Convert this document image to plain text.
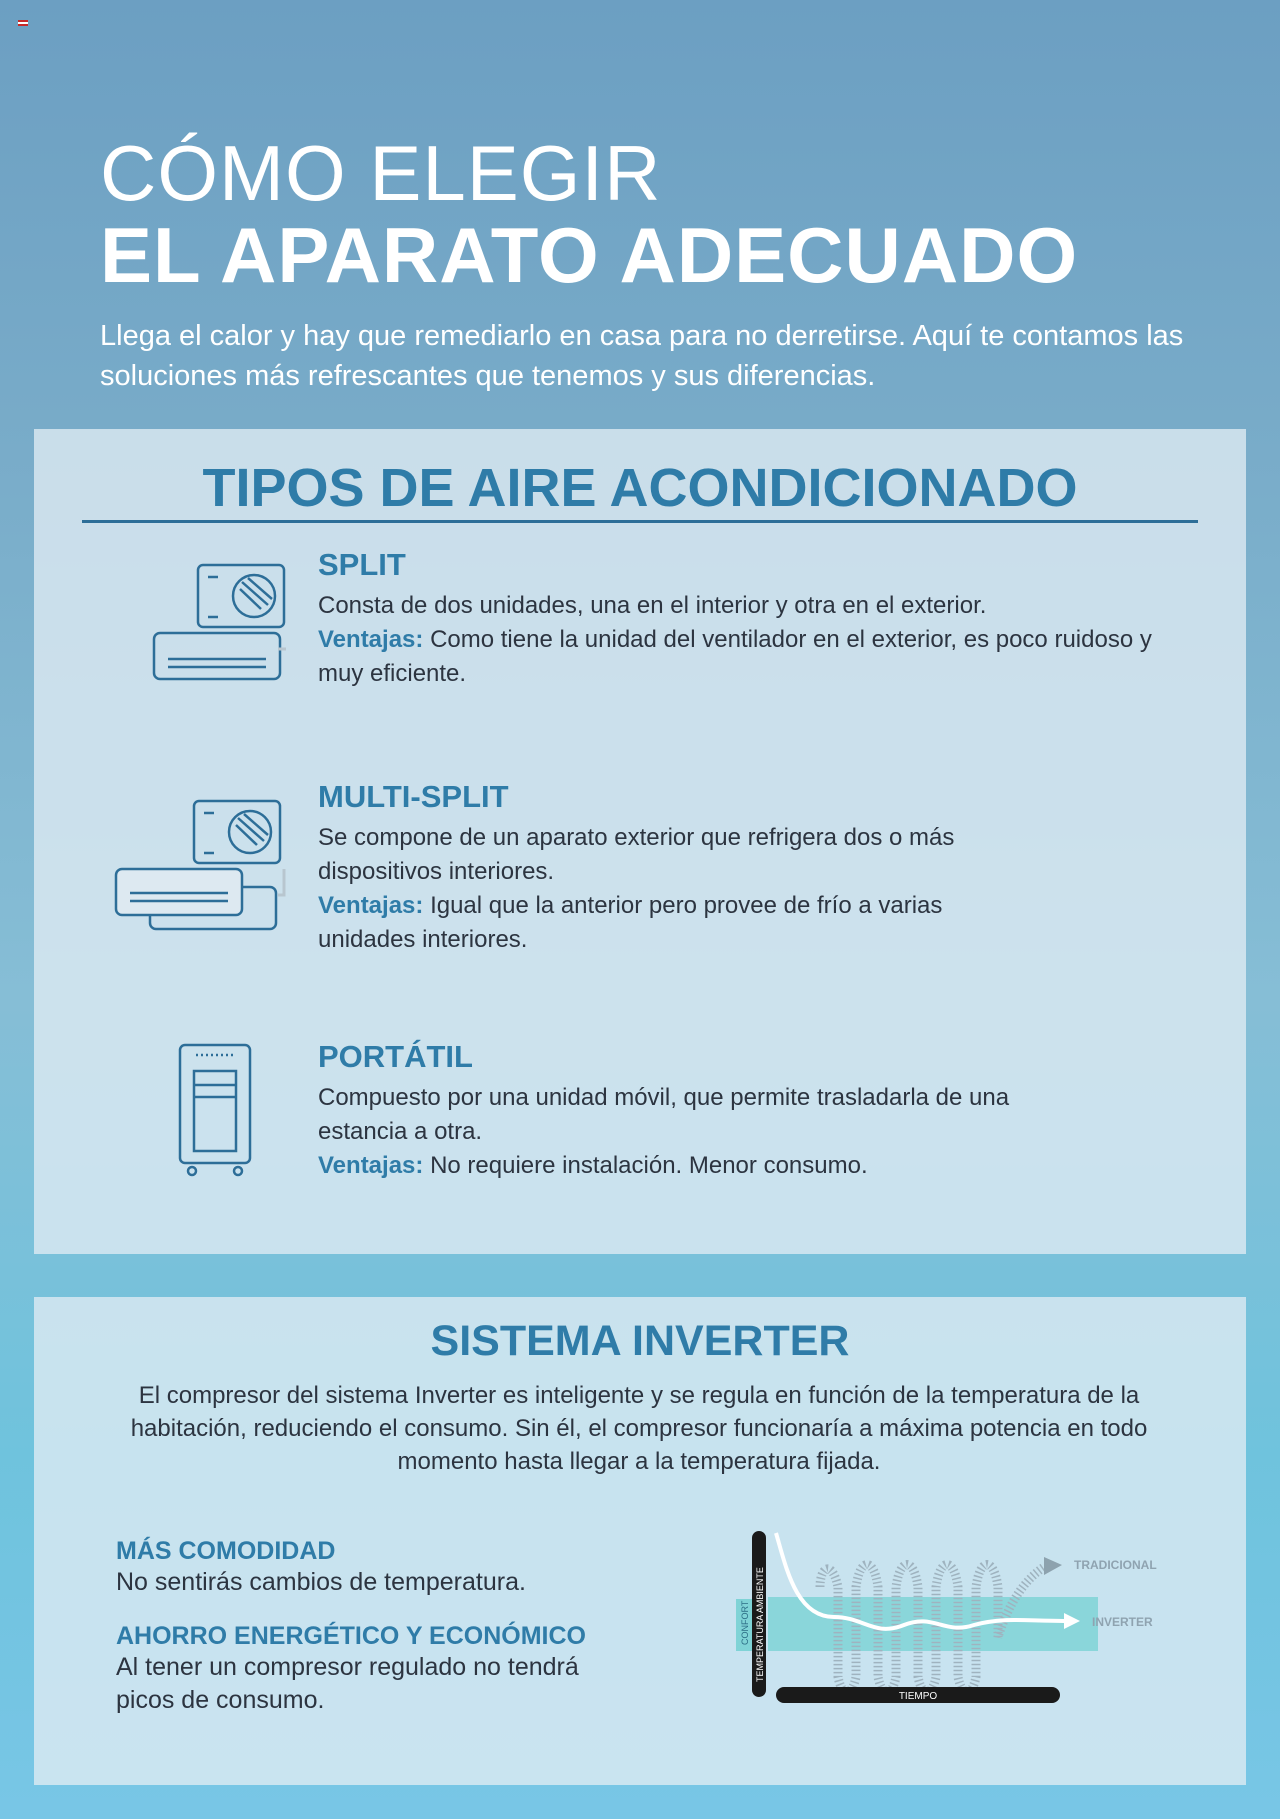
CÓMO ELEGIR
EL APARATO ADECUADO
Llega el calor y hay que remediarlo en casa para no derretirse. Aquí te contamos las soluciones más refrescantes que tenemos y sus diferencias.
TIPOS DE AIRE ACONDICIONADO
SPLIT
Consta de dos unidades, una en el interior y otra en el exterior.
Ventajas: Como tiene la unidad del ventilador en el exterior, es poco ruidoso y muy eficiente.
MULTI-SPLIT
Se compone de un aparato exterior que refrigera dos o más dispositivos interiores.
Ventajas: Igual que la anterior pero provee de frío a varias unidades interiores.
PORTÁTIL
Compuesto por una unidad móvil, que permite trasladarla de una estancia a otra.
Ventajas: No requiere instalación. Menor consumo.
SISTEMA INVERTER
El compresor del sistema Inverter es inteligente y se regula en función de la temperatura de la habitación, reduciendo el consumo. Sin él, el compresor funcionaría a máxima potencia en todo momento hasta llegar a la temperatura fijada.
MÁS COMODIDAD
No sentirás cambios de temperatura.
AHORRO ENERGÉTICO Y ECONÓMICO
Al tener un compresor regulado no tendrá picos de consumo.
CONFORT
TRADICIONAL
INVERTER
TEMPERATURA AMBIENTE
TIEMPO
